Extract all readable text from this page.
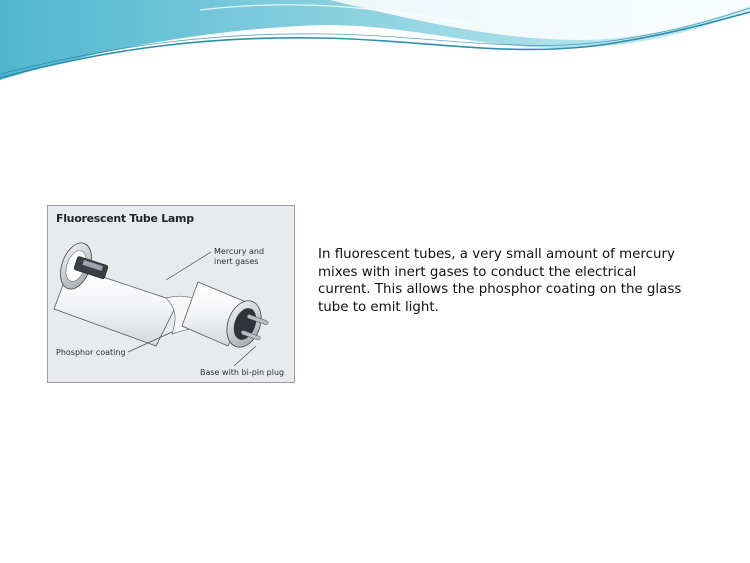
Fluorescent Tube Lamp
Mercury and
inert gases
Phosphor coating
Base with bi-pin plug
In fluorescent tubes, a very small amount of mercury mixes with inert gases to conduct the electrical current. This allows the phosphor coating on the glass tube to emit light.
